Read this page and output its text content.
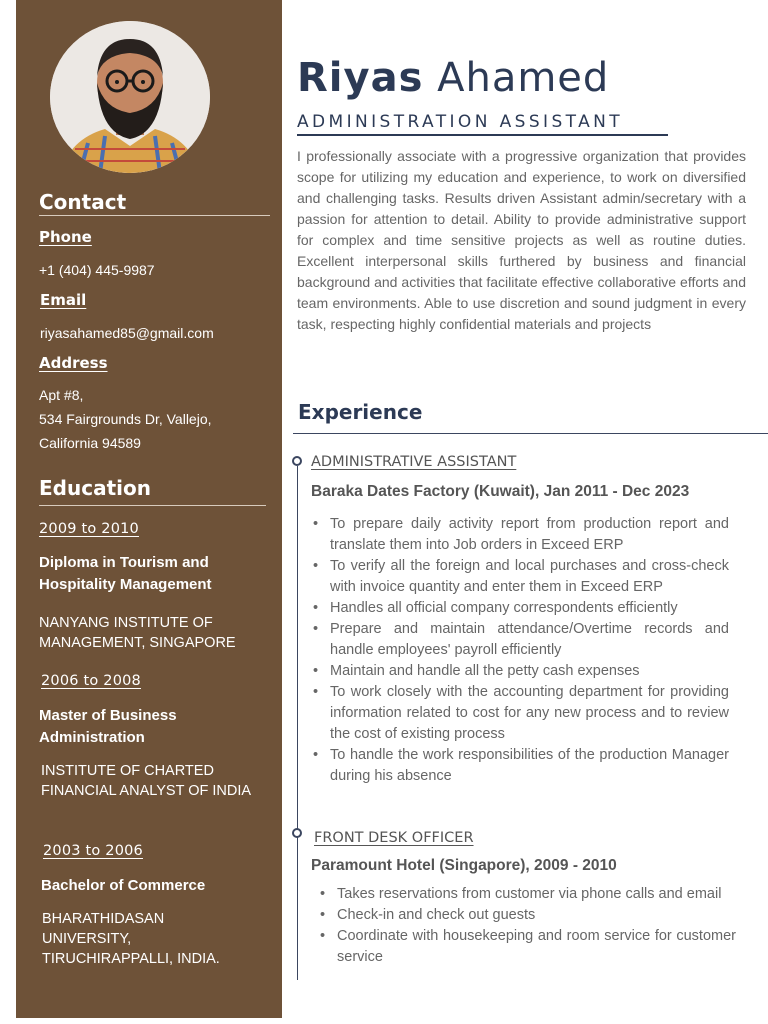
Contact
Phone
+1 (404) 445-9987
Email
riyasahamed85@gmail.com
Address
Apt #8,
534 Fairgrounds Dr, Vallejo,
California 94589
Education
2009 to 2010
Diploma in Tourism and Hospitality Management
NANYANG INSTITUTE OF MANAGEMENT, SINGAPORE
2006 to 2008
Master of Business Administration
INSTITUTE OF CHARTED FINANCIAL ANALYST OF INDIA
2003 to 2006
Bachelor of Commerce
BHARATHIDASAN UNIVERSITY, TIRUCHIRAPPALLI, INDIA.
Riyas Ahamed
ADMINISTRATION ASSISTANT
I professionally associate with a progressive organization that provides scope for utilizing my education and experience, to work on diversified and challenging tasks. Results driven Assistant admin/secretary with a passion for attention to detail. Ability to provide administrative support for complex and time sensitive projects as well as routine duties. Excellent interpersonal skills furthered by business and financial background and activities that facilitate effective collaborative efforts and team environments. Able to use discretion and sound judgment in every task, respecting highly confidential materials and projects
Experience
ADMINISTRATIVE ASSISTANT
Baraka Dates Factory (Kuwait), Jan 2011 - Dec 2023
• To prepare daily activity report from production report and translate them into Job orders in Exceed ERP
• To verify all the foreign and local purchases and cross-check with invoice quantity and enter them in Exceed ERP
• Handles all official company correspondents efficiently
• Prepare and maintain attendance/Overtime records and handle employees' payroll efficiently
• Maintain and handle all the petty cash expenses
• To work closely with the accounting department for providing information related to cost for any new process and to review the cost of existing process
• To handle the work responsibilities of the production Manager during his absence
FRONT DESK OFFICER
Paramount Hotel (Singapore), 2009 - 2010
• Takes reservations from customer via phone calls and email
• Check-in and check out guests
• Coordinate with housekeeping and room service for customer service
